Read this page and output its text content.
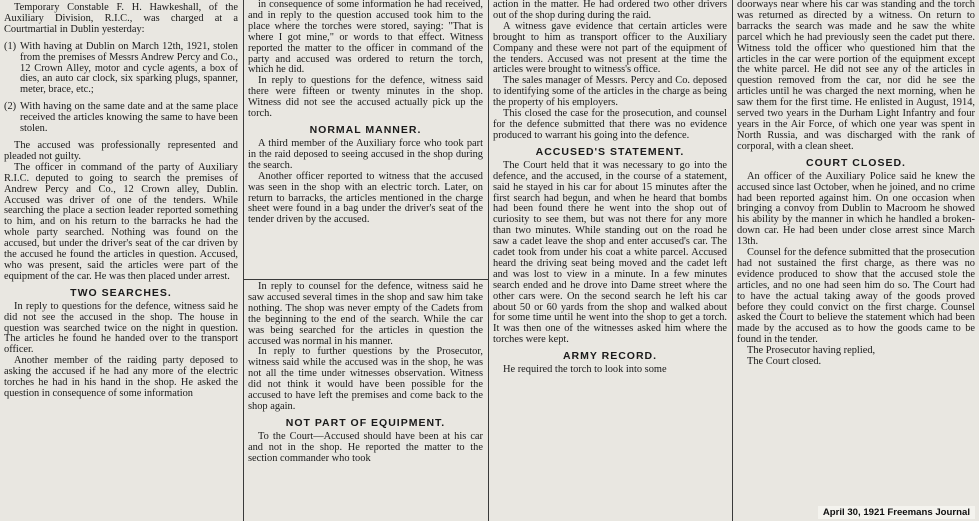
Temporary Constable F. H. Hawkeshall, of the Auxiliary Division, R.I.C., was charged at a Courtmartial in Dublin yesterday:

(1) With having at Dublin on March 12th, 1921, stolen from the premises of Messrs Andrew Percy and Co., 12 Crown Alley, motor and cycle agents, a box of dies, an auto car clock, six sparking plugs, spanner, meter, brace, etc.;
(2) With having on the same date and at the same place received the articles knowing the same to have been stolen.

The accused was professionally represented and pleaded not guilty.

The officer in command of the party of Auxiliary R.I.C. deputed to going to search the premises of Andrew Percy and Co., 12 Crown alley, Dublin. Accused was driver of one of the tenders. While searching the place a section leader reported something to him, and on his return to the barracks he had the whole party searched. Nothing was found on the accused, but under the driver's seat of the car driven by the accused he found the articles in question. Accused, who was present, said the articles were part of the equipment of the car. He was then placed under arrest.

TWO SEARCHES.

In reply to questions for the defence, witness said he did not see the accused in the shop. The house in question was searched twice on the night in question. The articles he found he handed over to the transport officer.

Another member of the raiding party deposed to asking the accused if he had any more of the electric torches he had in his hand in the shop. He asked the question in consequence of some information

in consequence of some information he had received, and in reply to the question accused took him to the place where the torches were stored, saying: "That is where I got mine," or words to that effect. Witness reported the matter to the officer in command of the party and accused was ordered to return the torch, which he did.

In reply to questions for the defence, witness said there were fifteen or twenty minutes in the shop. Witness did not see the accused actually pick up the torch.

NORMAL MANNER.

A third member of the Auxiliary force who took part in the raid deposed to seeing accused in the shop during the search.

Another officer reported to witness that the accused was seen in the shop with an electric torch. Later, on return to barracks, the articles mentioned in the charge sheet were found in a bag under the driver's seat of the tender driven by the accused.

In reply to counsel for the defence, witness said he saw accused several times in the shop and saw him take nothing. The shop was never empty of the Cadets from the beginning to the end of the search. While the car was being searched for the articles in question the accused was normal in his manner.

In reply to further questions by the Prosecutor, witness said while the accused was in the shop, he was not all the time under witnesses observation. Witness did not think it would have been possible for the accused to have left the premises and come back to the shop again.

NOT PART OF EQUIPMENT.

To the Court—Accused should have been at his car and not in the shop. He reported the matter to the section commander who took

action in the matter. He had ordered two other drivers out of the shop during during the raid.

A witness gave evidence that certain articles were brought to him as transport officer to the Auxiliary Company and these were not part of the equipment of the tenders. Accused was not present at the time the articles were brought to witness's office.

The sales manager of Messrs. Percy and Co. deposed to identifying some of the articles in the charge as being the property of his employers.

This closed the case for the prosecution, and counsel for the defence submitted that there was no evidence produced to warrant his going into the defence.

ACCUSED'S STATEMENT.

The Court held that it was necessary to go into the defence, and the accused, in the course of a statement, said he stayed in his car for about 15 minutes after the first search had begun, and when he heard that bombs had been found there he went into the shop out of curiosity to see them, but was not there for any more than two minutes. While standing out on the road he saw a cadet leave the shop and enter accused's car. The cadet took from under his coat a white parcel. Accused heard the driving seat being moved and the cadet left and was lost to view in a minute. In a few minutes search ended and he drove into Dame street where the other cars were. On the second search he left his car about 50 or 60 yards from the shop and walked about for some time until he went into the shop to get a torch. It was then one of the witnesses asked him where the torches were kept.

ARMY RECORD.

He required the torch to look into some

doorways near where his car was standing and the torch was returned as directed by a witness. On return to barracks the search was made and he saw the white parcel which he had previously seen the cadet put there. Witness told the officer who questioned him that the articles in the car were portion of the equipment except the white parcel. He did not see any of the articles in question removed from the car, nor did he see the articles until he was charged the next morning, when he saw them for the first time. He enlisted in August, 1914, served two years in the Durham Light Infantry and four years in the Air Force, of which one year was spent in North Russia, and was discharged with the rank of corporal, with a clean sheet.

COURT CLOSED.

An officer of the Auxiliary Police said he knew the accused since last October, when he joined, and no crime had been reported against him. On one occasion when bringing a convoy from Dublin to Macroom he showed his ability by the manner in which he handled a broken-down car. He had been under close arrest since March 13th.

Counsel for the defence submitted that the prosecution had not sustained the first charge, as there was no evidence produced to show that the accused stole the articles, and no one had seen him do so. The Court had to have the actual taking away of the goods proved before they could convict on the first charge. Counsel asked the Court to believe the statement which had been made by the accused as to how the goods came to be found in the tender.

The Prosecutor having replied,

The Court closed.

April 30, 1921 Freemans Journal
